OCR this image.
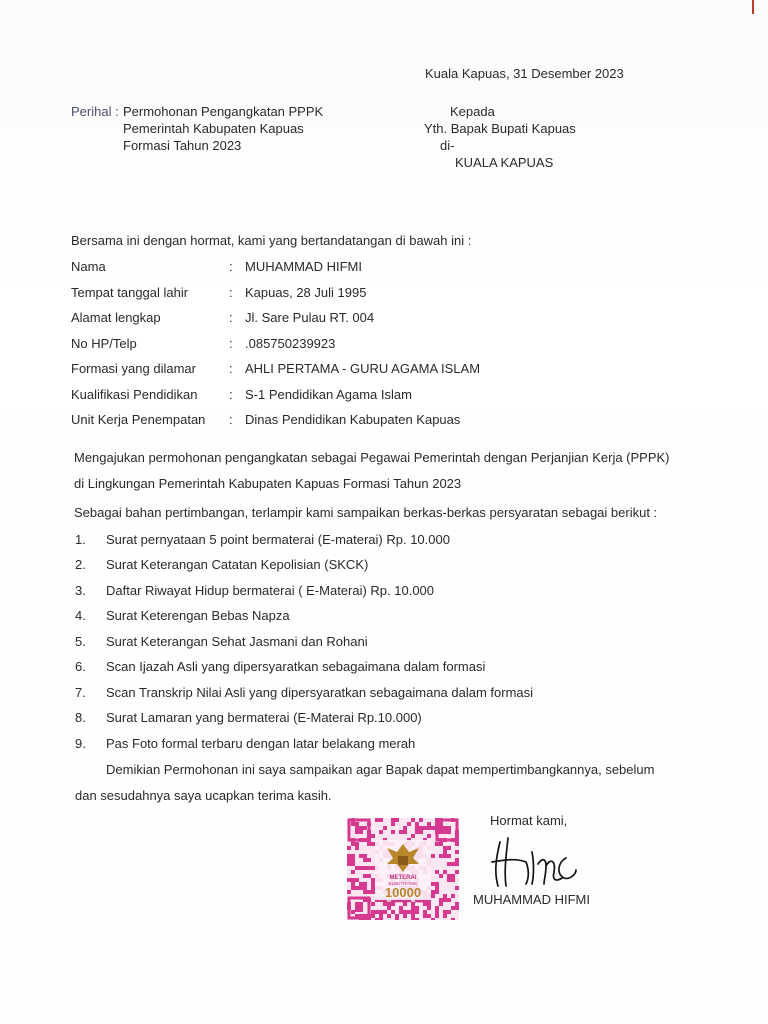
Kuala Kapuas, 31 Desember 2023
Perihal : Permohonan Pengangkatan PPPK
Pemerintah Kabupaten Kapuas
Formasi Tahun 2023
Kepada
Yth. Bapak Bupati Kapuas
di-
KUALA KAPUAS
Bersama ini dengan hormat, kami yang bertandatangan di bawah ini :
Nama	: MUHAMMAD HIFMI
Tempat tanggal lahir	: Kapuas, 28 Juli 1995
Alamat lengkap	: Jl. Sare Pulau RT. 004
No HP/Telp	: .085750239923
Formasi yang dilamar	: AHLI PERTAMA - GURU AGAMA ISLAM
Kualifikasi Pendidikan : S-1 Pendidikan Agama Islam
Unit Kerja Penempatan : Dinas Pendidikan Kabupaten Kapuas
Mengajukan permohonan pengangkatan sebagai Pegawai Pemerintah dengan Perjanjian Kerja (PPPK)
di Lingkungan Pemerintah Kabupaten Kapuas Formasi Tahun 2023
Sebagai bahan pertimbangan, terlampir kami sampaikan berkas-berkas persyaratan sebagai berikut :
1. Surat pernyataan 5 point bermaterai (E-materai) Rp. 10.000
2. Surat Keterangan Catatan Kepolisian (SKCK)
3. Daftar Riwayat Hidup bermaterai ( E-Materai) Rp. 10.000
4. Surat Keterengan Bebas Napza
5. Surat Keterangan Sehat Jasmani dan Rohani
6. Scan Ijazah Asli yang dipersyaratkan sebagaimana dalam formasi
7. Scan Transkrip Nilai Asli yang dipersyaratkan sebagaimana dalam formasi
8. Surat Lamaran yang bermaterai (E-Materai Rp.10.000)
9. Pas Foto formal terbaru dengan latar belakang merah
Demikian Permohonan ini saya sampaikan agar Bapak dapat mempertimbangkannya, sebelum
dan sesudahnya saya ucapkan terima kasih.
Hormat kami,
METERAI
ELEKTRONIK
10000
SEPULUH RIBU RUPIAH	MUHAMMAD HIFMI
